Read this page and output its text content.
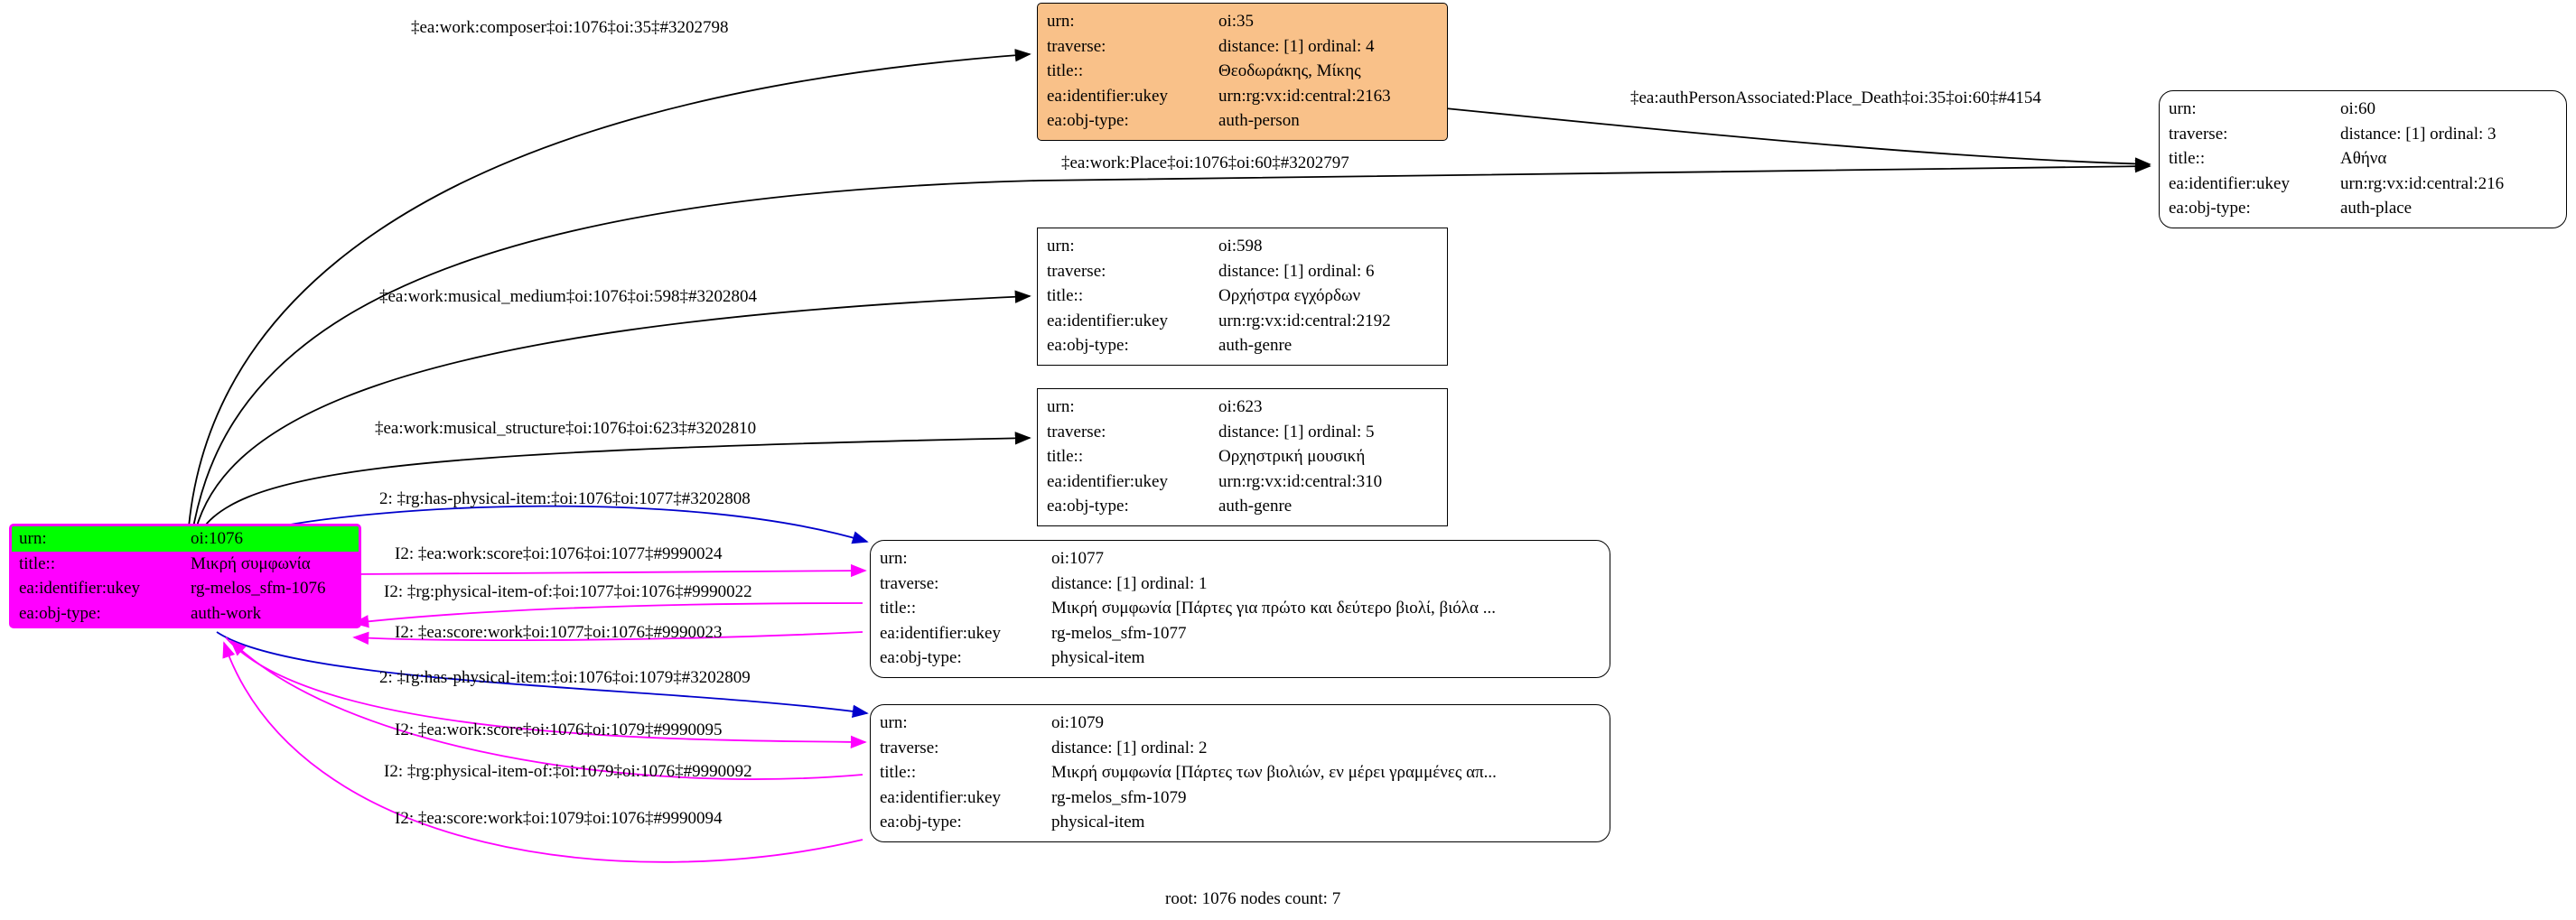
urn:	oi:1076
title::	Μικρή συμφωνία
ea:identifier:ukey	rg-melos_sfm-1076
ea:obj-type:	auth-work
urn:	oi:35
traverse:	distance: [1] ordinal: 4
title::	Θεοδωράκης, Μίκης
ea:identifier:ukey	urn:rg:vx:id:central:2163
ea:obj-type:	auth-person
urn:	oi:60
traverse:	distance: [1] ordinal: 3
title::	Αθήνα
ea:identifier:ukey	urn:rg:vx:id:central:216
ea:obj-type:	auth-place
urn:	oi:598
traverse:	distance: [1] ordinal: 6
title::	Ορχήστρα εγχόρδων
ea:identifier:ukey	urn:rg:vx:id:central:2192
ea:obj-type:	auth-genre
urn:	oi:623
traverse:	distance: [1] ordinal: 5
title::	Ορχηστρική μουσική
ea:identifier:ukey	urn:rg:vx:id:central:310
ea:obj-type:	auth-genre
urn:	oi:1077
traverse:	distance: [1] ordinal: 1
title::	Μικρή συμφωνία [Πάρτες για πρώτο και δεύτερο βιολί, βιόλα ...
ea:identifier:ukey	rg-melos_sfm-1077
ea:obj-type:	physical-item
urn:	oi:1079
traverse:	distance: [1] ordinal: 2
title::	Μικρή συμφωνία [Πάρτες των βιολιών, εν μέρει γραμμένες απ...
ea:identifier:ukey	rg-melos_sfm-1079
ea:obj-type:	physical-item
‡ea:work:composer‡oi:1076‡oi:35‡#3202798
‡ea:authPersonAssociated:Place_Death‡oi:35‡oi:60‡#4154
‡ea:work:Place‡oi:1076‡oi:60‡#3202797
‡ea:work:musical_medium‡oi:1076‡oi:598‡#3202804
‡ea:work:musical_structure‡oi:1076‡oi:623‡#3202810
2: ‡rg:has-physical-item:‡oi:1076‡oi:1077‡#3202808
I2: ‡ea:work:score‡oi:1076‡oi:1077‡#9990024
I2: ‡rg:physical-item-of:‡oi:1077‡oi:1076‡#9990022
I2: ‡ea:score:work‡oi:1077‡oi:1076‡#9990023
2: ‡rg:has-physical-item:‡oi:1076‡oi:1079‡#3202809
I2: ‡ea:work:score‡oi:1076‡oi:1079‡#9990095
I2: ‡rg:physical-item-of:‡oi:1079‡oi:1076‡#9990092
I2: ‡ea:score:work‡oi:1079‡oi:1076‡#9990094
root: 1076 nodes count: 7
